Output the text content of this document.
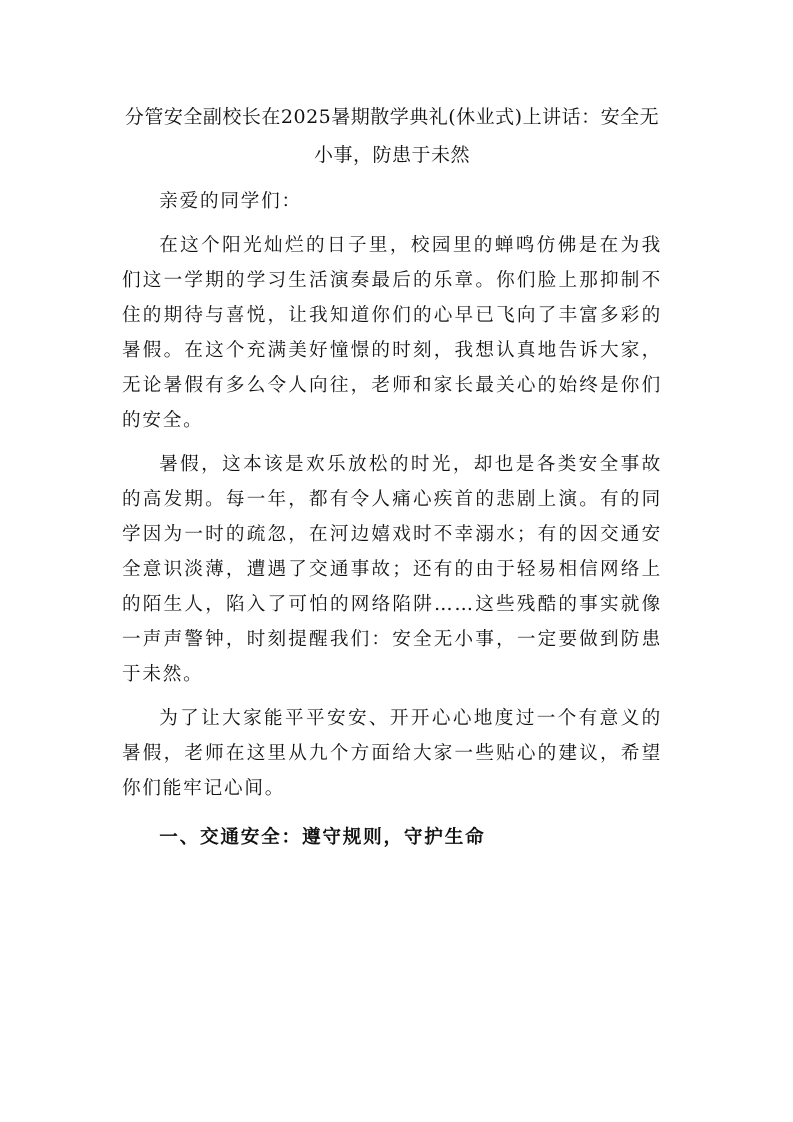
分管安全副校长在2025暑期散学典礼(休业式)上讲话：安全无小事，防患于未然

亲爱的同学们：

在这个阳光灿烂的日子里，校园里的蝉鸣仿佛是在为我们这一学期的学习生活演奏最后的乐章。你们脸上那抑制不住的期待与喜悦，让我知道你们的心早已飞向了丰富多彩的暑假。在这个充满美好憧憬的时刻，我想认真地告诉大家，无论暑假有多么令人向往，老师和家长最关心的始终是你们的安全。

暑假，这本该是欢乐放松的时光，却也是各类安全事故的高发期。每一年，都有令人痛心疾首的悲剧上演。有的同学因为一时的疏忽，在河边嬉戏时不幸溺水；有的因交通安全意识淡薄，遭遇了交通事故；还有的由于轻易相信网络上的陌生人，陷入了可怕的网络陷阱……这些残酷的事实就像一声声警钟，时刻提醒我们：安全无小事，一定要做到防患于未然。

为了让大家能平平安安、开开心心地度过一个有意义的暑假，老师在这里从九个方面给大家一些贴心的建议，希望你们能牢记心间。

一、交通安全：遵守规则，守护生命
